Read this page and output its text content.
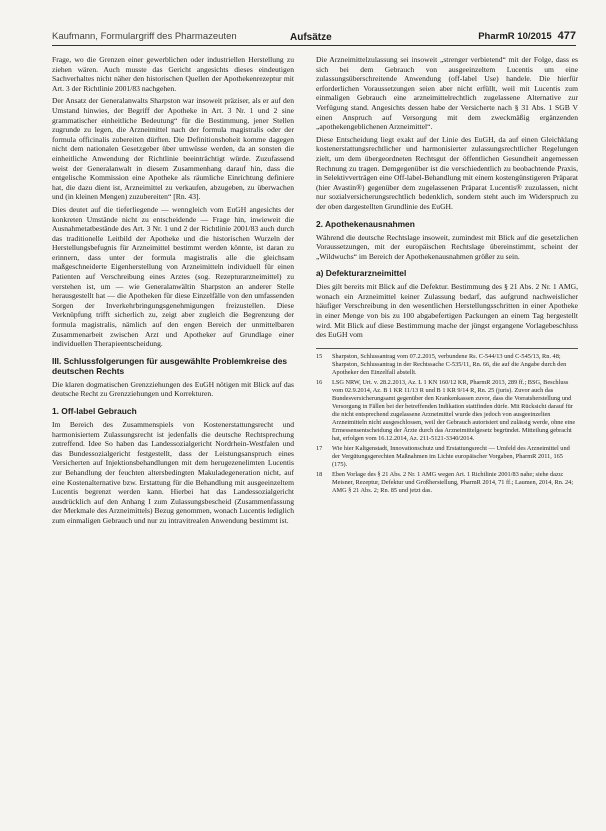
Kaufmann, Formulargriff des Pharmazeuten	Aufsätze	PharmR 10/2015 477

Frage, wo die Grenzen einer gewerblichen oder industriellen Herstellung zu ziehen wären. Auch musste das Gericht angesichts dieses eindeutigen Sachverhaltes nicht näher den historischen Quellen der Apothekenrezeptur mit Art. 3 der Richtlinie 2001/83 nachgehen.

Der Ansatz der Generalanwalts Sharpston war insoweit präziser, als er auf den Umstand hinwies, der Begriff der Apotheke in Art. 3 Nr. 1 und 2 sine grammatischer einheitliche Bedeutung“ für die Bestimmung, jener Stellen zugrunde zu legen, die Arzneimittel nach der formula magistralis oder der formula officinalis zubereiten dürften. Die Definitionshoheit komme dagegen nicht dem nationalen Gesetzgeber über umwüsse werden, da an sonsten die einheitliche Anwendung der Richtlinie beeinträchtigt würde. Zuzufassend weist der Generalanwalt in diesem Zusammenhang darauf hin, dass die entgelische Kommission eine Apotheke als räumliche Einrichtung definiere hat, die dazu dient ist, Arzneimittel zu verkaufen, abzugeben, zu überwachen und (in kleinen Mengen) zuzubereiten“ [Rn. 43].

Dies deutet auf die tieferliegende — wenngleich vom EuGH angesichts der konkreten Umstände nicht zu entscheidende — Frage hin, inwieweit die Ausnahmetatbestände des Art. 3 Nr. 1 und 2 der Richtlinie 2001/83 auch durch das traditionelle Leitbild der Apotheke und die historischen Wurzeln der Herstellungsbefugnis für Arzneimittel bestimmt werden könnte, ist daran zu erinnern, dass unter der formula magistralis alle die gleichsam maßgeschneiderte Eigenherstellung von Arzneimitteln individuell für einen Patienten auf Verschreibung eines Arztes (sog. Rezepturarzneimittel) zu verstehen ist, um — wie Generalanwältin Sharpston an anderer Stelle herausgestellt hat — die Apotheken für diese Einzelfälle von den umfassenden Sorgen der Inverkehrbringungsgenehmigungen freizustellen. Diese Verknüpfung trifft sicherlich zu, zeigt aber zugleich die Begrenzung der formula magistralis, nämlich auf den engen Bereich der unmittelbaren Zusammenarbeit zwischen Arzt und Apotheker auf Grundlage einer individuellen Therapieentscheidung.

III. Schlussfolgerungen für ausgewählte Problemkreise des deutschen Rechts

Die klaren dogmatischen Grenzziehungen des EuGH nötigen mit Blick auf das deutsche Recht zu Grenzziehungen und Korrekturen.

1. Off-label Gebrauch

Im Bereich des Zusammenspiels von Kostenerstattungsrecht und harmonisiertem Zulassungsrecht ist jedenfalls die deutsche Rechtsprechung zutreffend. Idee So haben das Landessozialgericht Nordrhein-Westfalen und das Bundessozialgericht festgestellt, dass der Leistungsanspruch eines Versicherten auf Injektionsbehandlungen mit dem herugezenelimten Lucentis zur Behandlung der feuchten altersbedingten Makuladegeneration nicht, auf eine Kostenalternative bzw. Erstattung für die Behandlung mit ausgeeinzeltem Lucentis begrenzt werden kann. Hierbei hat das Landessozialgericht ausdrücklich auf den Anhang I zum Zulassungsbescheid (Zusammenfassung der Merkmale des Arzneimittels) Bezug genommen, wonach Lucentis lediglich zum einmaligen Gebrauch und nur zu intravitrealen Anwendung bestimmt ist.

Die Arzneimittelzulassung sei insoweit „strenger verbietend“ mit der Folge, dass es sich bei dem Gebrauch von ausgeeinzeltem Lucentis um eine zulassungsüberschreitende Anwendung (off-label Use) handele. Die hierfür erforderlichen Voraussetzungen seien aber nicht erfüllt, weil mit Lucentis zum einmaligen Gebrauch eine arzneimittelrechtlich zugelassene Alternative zur Verfügung stand. Angesichts dessen habe der Versicherte nach § 31 Abs. 1 SGB V einen Anspruch auf Versorgung mit dem zweckmäßig ergänzenden „apothekengeblichenen Arzneimittel“.

Diese Entscheidung liegt exakt auf der Linie des EuGH, da auf einen Gleichklang kostenerstattungsrechtlicher und harmonisierter zulassungsrechtlicher Regelungen zielt, um dem übergeordneten Rechtsgut der öffentlichen Gesundheit angemessen Rechnung zu tragen. Demgegenüber ist die verschiedentlich zu beobachtende Praxis, in Selektivverträgen eine Off-label-Behandlung mit einem kostengünstigeren Präparat (hier Avastin®) gegenüber dem zugelassenen Präparat Lucentis® zuzulassen, nicht nur sozialversicherungsrechtlich bedenklich, sondern steht auch im Widerspruch zu der oben dargestellten Grundlinie des EuGH.

2. Apothekenausnahmen

Während die deutsche Rechtslage insoweit, zumindest mit Blick auf die gesetzlichen Voraussetzungen, mit der europäischen Rechtslage übereinstimmt, scheint der „Wildwuchs“ im Bereich der Apothekenausnahmen größer zu sein.

a) Defekturarzneimittel

Dies gilt bereits mit Blick auf die Defektur. Bestimmung des § 21 Abs. 2 Nr. 1 AMG, wonach ein Arzneimittel keiner Zulassung bedarf, das aufgrund nachweislicher häufiger Verschreibung in den wesentlichen Herstellungsschritten in einer Apotheke in einer Menge von bis zu 100 abgabefertigen Packungen an einem Tag hergestellt wird. Mit Blick auf diese Bestimmung mache der jüngst ergangene Vorlagebeschluss des EuGH vom

15	Sharpston, Schlussantrag vom 07.2.2015, verbundene Rs. C-544/13 und C-545/13, Rn. 48; Sharpston, Schlussantrag in der Rechtssache C-535/11, Rn. 66, die auf die Angabe durch den Apotheker den Einzelfall abstellt.
16	LSG NRW, Urt. v. 28.2.2013, Az. L 1 KN 160/12 KR, PharmR 2013, 289 ff.; BSG, Beschluss vom 02.9.2014, Az. B 1 KR 11/13 R und B 1 KR 9/14 R, Rn. 25 (juris). Zuvor auch das Bundesversicherungsamt gegenüber den Krankenkassen zuvor, dass die Vorratsherstellung und Versorgung in Fällen bei der betreffenden Indikation stattfinden dürfe. Mit Rücksicht darauf für die nicht entsprechend zugelassene Arzneimittel wurde dies jedoch von ausgeeinzelten Arzneimitteln nicht ausgeschlossen, weil der Gebrauch autorisiert und zulässig werde, ohne eine Ermessensentscheidung der Ärzte durch das Arzneimittelgesetz begründet. Mitteilung gebracht hat, erfolgen vom 16.12.2014, Az. 211-5121-3340/2014.
17	Wie hier Kaltgenstadt, Innovationschutz und Erstattungsrecht — Umfeld des Arzneimittel und der Vergütungsgerechten Maßnahmen im Lichte europäischer Vorgaben, PharmR 2011, 165 (175).
18	Eben Vorlage des § 21 Abs. 2 Nr. 1 AMG wegen Art. 1 Richtlinie 2001/83 nahe; siehe dazu: Meisner, Rezeptur, Defektur und Großherstellung, PharmR 2014, 71 ff.; Laumen, 2014, Rn. 24; AMG § 21 Abs. 2; Rn. 85 und jetzt das.
